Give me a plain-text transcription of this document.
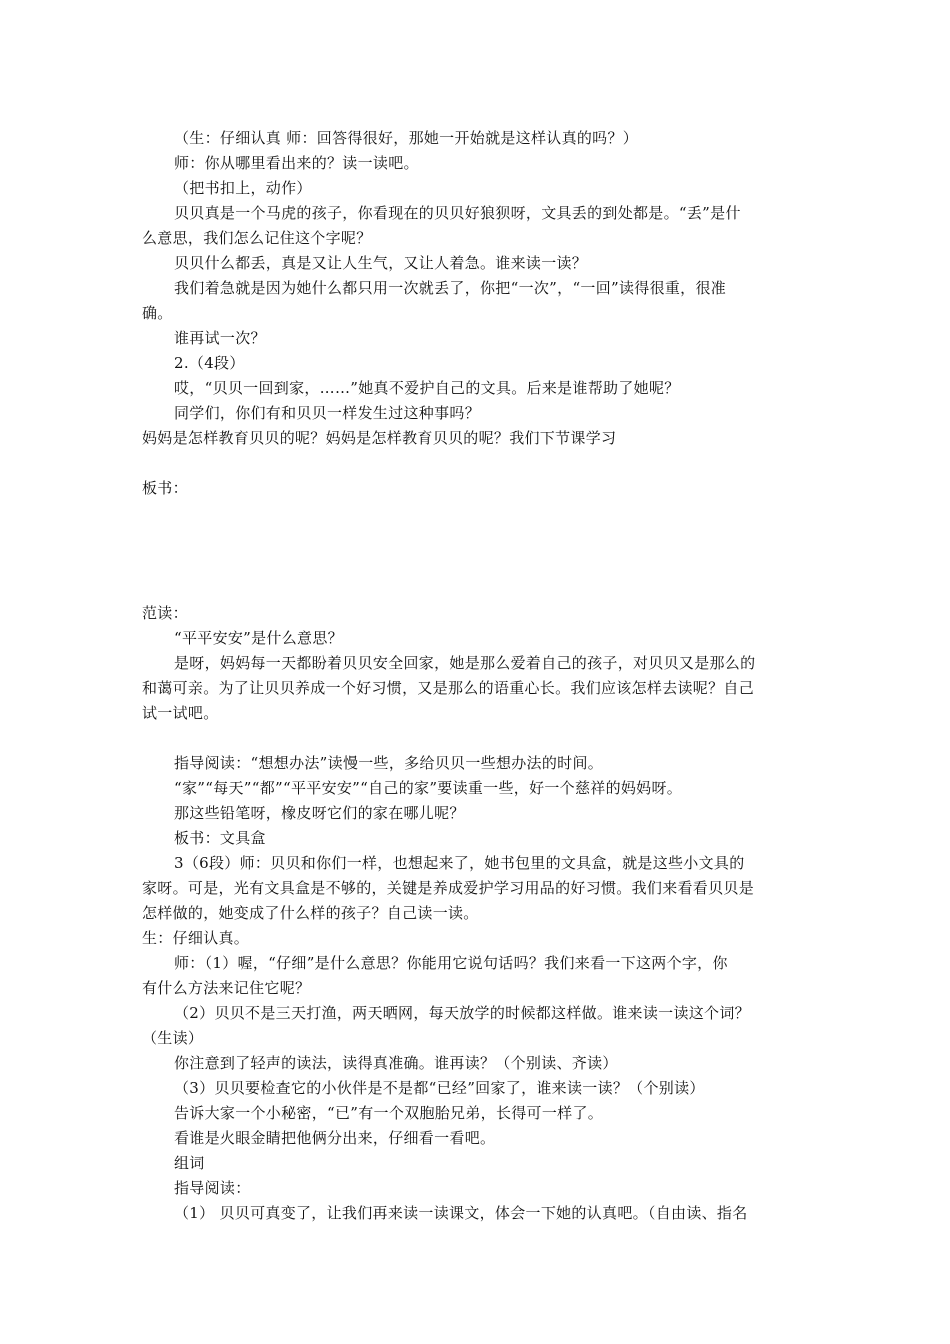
（生：仔细认真 师：回答得很好，那她一开始就是这样认真的吗？）
师：你从哪里看出来的？读一读吧。
（把书扣上，动作）
贝贝真是一个马虎的孩子，你看现在的贝贝好狼狈呀，文具丢的到处都是。“丢”是什
么意思，我们怎么记住这个字呢？
贝贝什么都丢，真是又让人生气，又让人着急。谁来读一读？
我们着急就是因为她什么都只用一次就丢了，你把“一次”，“一回”读得很重，很准
确。
谁再试一次？
2.（4段）
哎，“贝贝一回到家，……”她真不爱护自己的文具。后来是谁帮助了她呢？
同学们，你们有和贝贝一样发生过这种事吗？
妈妈是怎样教育贝贝的呢？妈妈是怎样教育贝贝的呢？我们下节课学习
板书：
范读：
“平平安安”是什么意思？
是呀，妈妈每一天都盼着贝贝安全回家，她是那么爱着自己的孩子，对贝贝又是那么的
和蔼可亲。为了让贝贝养成一个好习惯，又是那么的语重心长。我们应该怎样去读呢？自己
试一试吧。
指导阅读：“想想办法”读慢一些，多给贝贝一些想办法的时间。
“家”“每天”“都”“平平安安”“自己的家”要读重一些，好一个慈祥的妈妈呀。
那这些铅笔呀，橡皮呀它们的家在哪儿呢？
板书：文具盒
3（6段）师：贝贝和你们一样，也想起来了，她书包里的文具盒，就是这些小文具的
家呀。可是，光有文具盒是不够的，关键是养成爱护学习用品的好习惯。我们来看看贝贝是
怎样做的，她变成了什么样的孩子？自己读一读。
生：仔细认真。
师：（1）喔，“仔细”是什么意思？你能用它说句话吗？我们来看一下这两个字，你
有什么方法来记住它呢？
（2）贝贝不是三天打渔，两天晒网，每天放学的时候都这样做。谁来读一读这个词？
（生读）
你注意到了轻声的读法，读得真准确。谁再读？（个别读、齐读）
（3）贝贝要检查它的小伙伴是不是都“已经”回家了，谁来读一读？（个别读）
告诉大家一个小秘密，“已”有一个双胞胎兄弟，长得可一样了。
看谁是火眼金睛把他俩分出来，仔细看一看吧。
组词
指导阅读：
（1） 贝贝可真变了，让我们再来读一读课文，体会一下她的认真吧。（自由读、指名
